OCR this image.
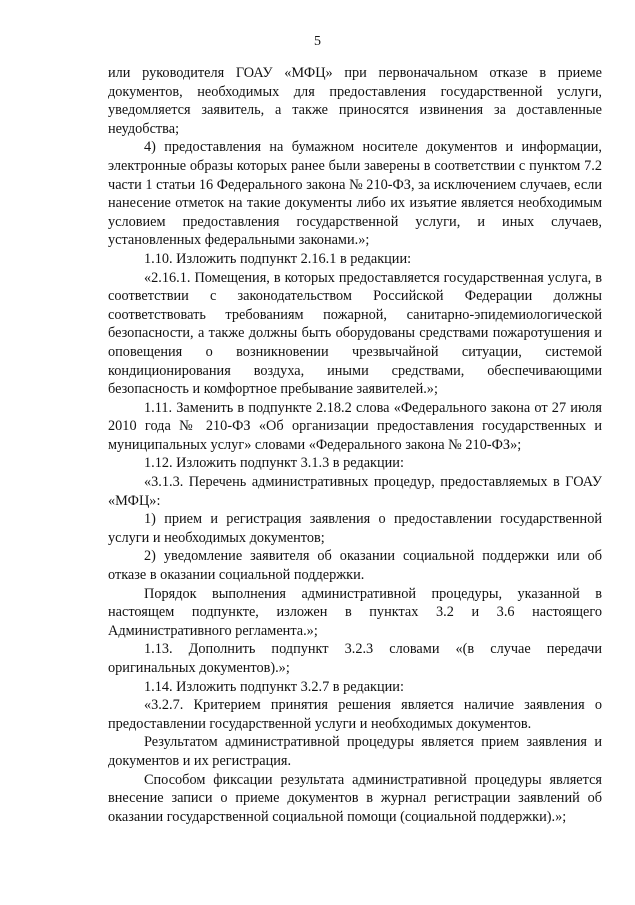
5

или руководителя ГОАУ «МФЦ» при первоначальном отказе в приеме документов, необходимых для предоставления государственной услуги, уведомляется заявитель, а также приносятся извинения за доставленные неудобства;

4) предоставления на бумажном носителе документов и информации, электронные образы которых ранее были заверены в соответствии с пунктом 7.2 части 1 статьи 16 Федерального закона № 210-ФЗ, за исключением случаев, если нанесение отметок на такие документы либо их изъятие является необходимым условием предоставления государственной услуги, и иных случаев, установленных федеральными законами.»;

1.10. Изложить подпункт 2.16.1 в редакции:

«2.16.1. Помещения, в которых предоставляется государственная услуга, в соответствии с законодательством Российской Федерации должны соответствовать требованиям пожарной, санитарно-эпидемиологической безопасности, а также должны быть оборудованы средствами пожаротушения и оповещения о возникновении чрезвычайной ситуации, системой кондиционирования воздуха, иными средствами, обеспечивающими безопасность и комфортное пребывание заявителей.»;

1.11. Заменить в подпункте 2.18.2 слова «Федерального закона от 27 июля 2010 года № 210-ФЗ «Об организации предоставления государственных и муниципальных услуг» словами «Федерального закона № 210-ФЗ»;

1.12. Изложить подпункт 3.1.3 в редакции:

«3.1.3. Перечень административных процедур, предоставляемых в ГОАУ «МФЦ»:

1) прием и регистрация заявления о предоставлении государственной услуги и необходимых документов;

2) уведомление заявителя об оказании социальной поддержки или об отказе в оказании социальной поддержки.

Порядок выполнения административной процедуры, указанной в настоящем подпункте, изложен в пунктах 3.2 и 3.6 настоящего Административного регламента.»;

1.13. Дополнить подпункт 3.2.3 словами «(в случае передачи оригинальных документов).»;

1.14. Изложить подпункт 3.2.7 в редакции:

«3.2.7. Критерием принятия решения является наличие заявления о предоставлении государственной услуги и необходимых документов.

Результатом административной процедуры является прием заявления и документов и их регистрация.

Способом фиксации результата административной процедуры является внесение записи о приеме документов в журнал регистрации заявлений об оказании государственной социальной помощи (социальной поддержки).»;
